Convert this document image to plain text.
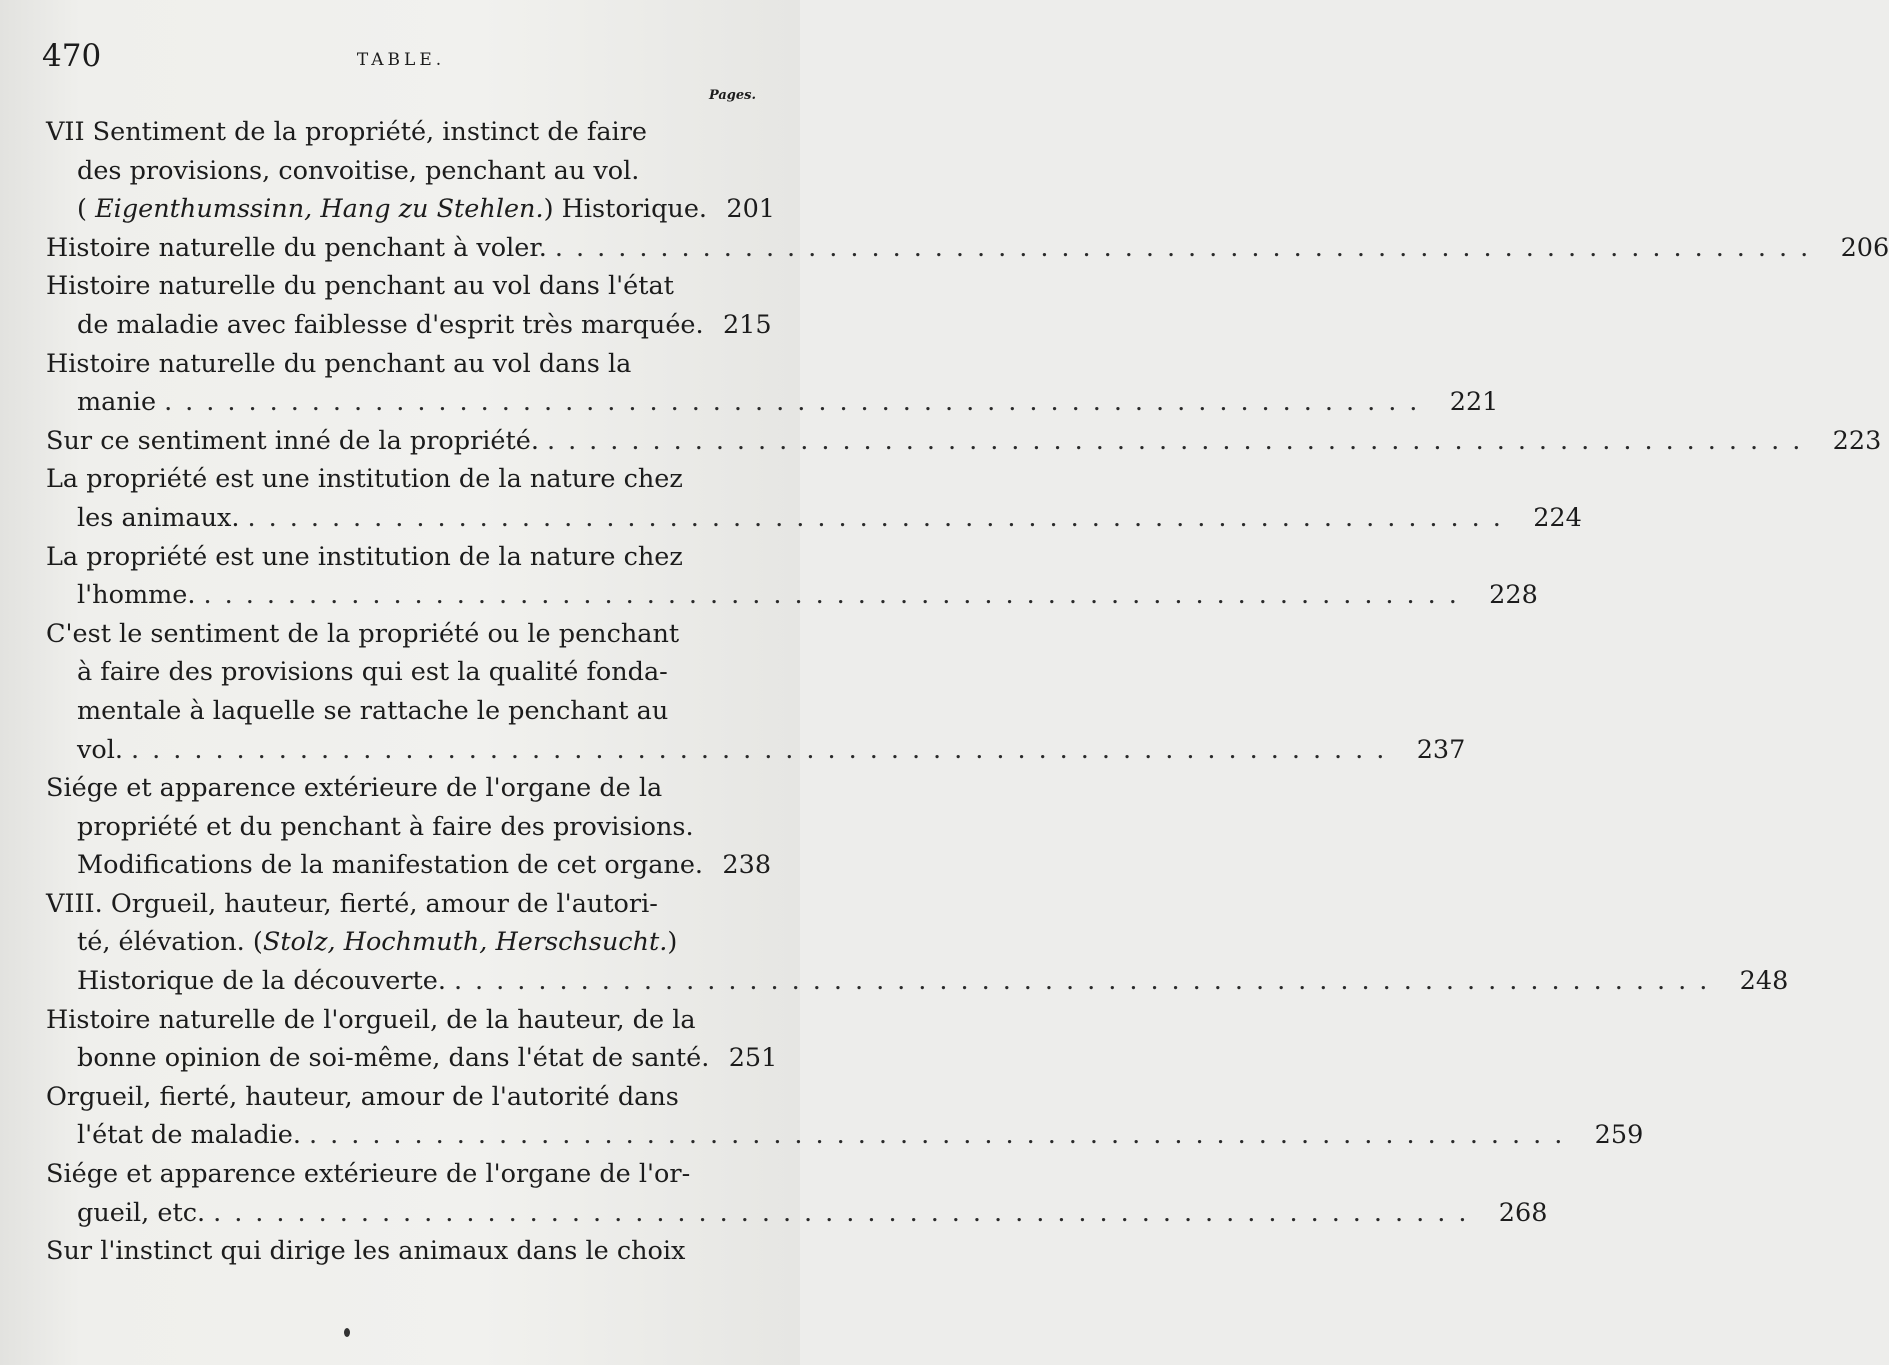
470	TABLE.
Pages.
VII Sentiment de la propriété, instinct de faire
des provisions, convoitise, penchant au vol.
( Eigenthumssinn, Hang zu Stehlen.) Historique. 201
Histoire naturelle du penchant à voler. ............................................................ 206
Histoire naturelle du penchant au vol dans l'état
de maladie avec faiblesse d'esprit très marquée. 215
Histoire naturelle du penchant au vol dans la
manie ............................................................ 221
Sur ce sentiment inné de la propriété. ............................................................ 223
La propriété est une institution de la nature chez
les animaux. ............................................................ 224
La propriété est une institution de la nature chez
l'homme. ............................................................ 228
C'est le sentiment de la propriété ou le penchant
à faire des provisions qui est la qualité fonda-
mentale à laquelle se rattache le penchant au
vol. ............................................................ 237
Siége et apparence extérieure de l'organe de la
propriété et du penchant à faire des provisions.
Modifications de la manifestation de cet organe. 238
VIII. Orgueil, hauteur, fierté, amour de l'autori-
té, élévation. (Stolz, Hochmuth, Herschsucht.)
Historique de la découverte. ............................................................ 248
Histoire naturelle de l'orgueil, de la hauteur, de la
bonne opinion de soi-même, dans l'état de santé. 251
Orgueil, fierté, hauteur, amour de l'autorité dans
l'état de maladie. ............................................................ 259
Siége et apparence extérieure de l'organe de l'or-
gueil, etc. ............................................................ 268
Sur l'instinct qui dirige les animaux dans le choix
